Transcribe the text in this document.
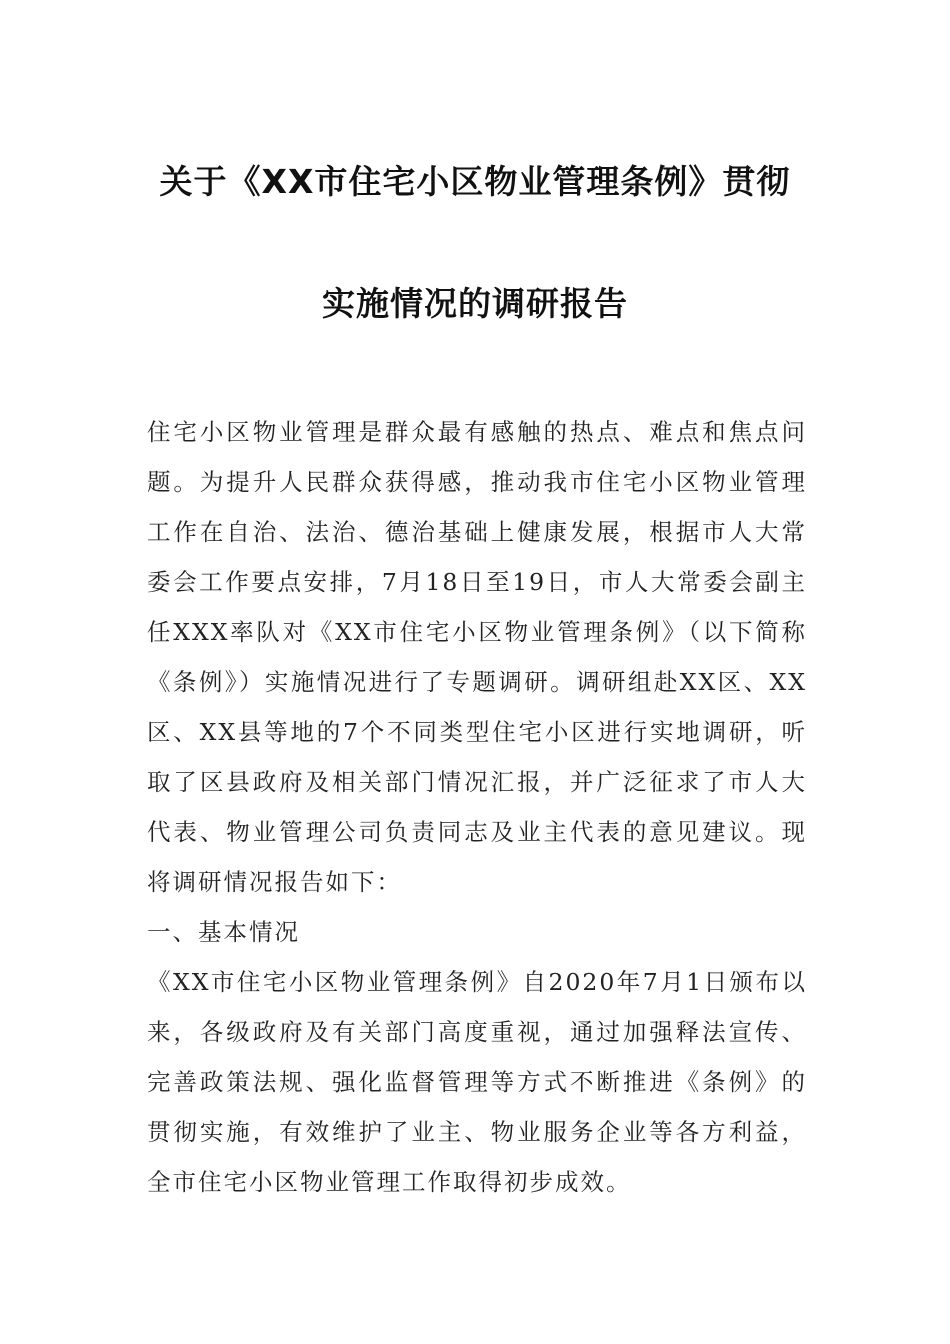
关于《XX市住宅小区物业管理条例》贯彻
实施情况的调研报告
住宅小区物业管理是群众最有感触的热点、难点和焦点问
题。为提升人民群众获得感，推动我市住宅小区物业管理
工作在自治、法治、德治基础上健康发展，根据市人大常
委会工作要点安排，7月18日至19日，市人大常委会副主
任XXX率队对《XX市住宅小区物业管理条例》（以下简称
《条例》）实施情况进行了专题调研。调研组赴XX区、XX
区、XX县等地的7个不同类型住宅小区进行实地调研，听
取了区县政府及相关部门情况汇报，并广泛征求了市人大
代表、物业管理公司负责同志及业主代表的意见建议。现
将调研情况报告如下：
一、基本情况
《XX市住宅小区物业管理条例》自2020年7月1日颁布以
来，各级政府及有关部门高度重视，通过加强释法宣传、
完善政策法规、强化监督管理等方式不断推进《条例》的
贯彻实施，有效维护了业主、物业服务企业等各方利益，
全市住宅小区物业管理工作取得初步成效。
